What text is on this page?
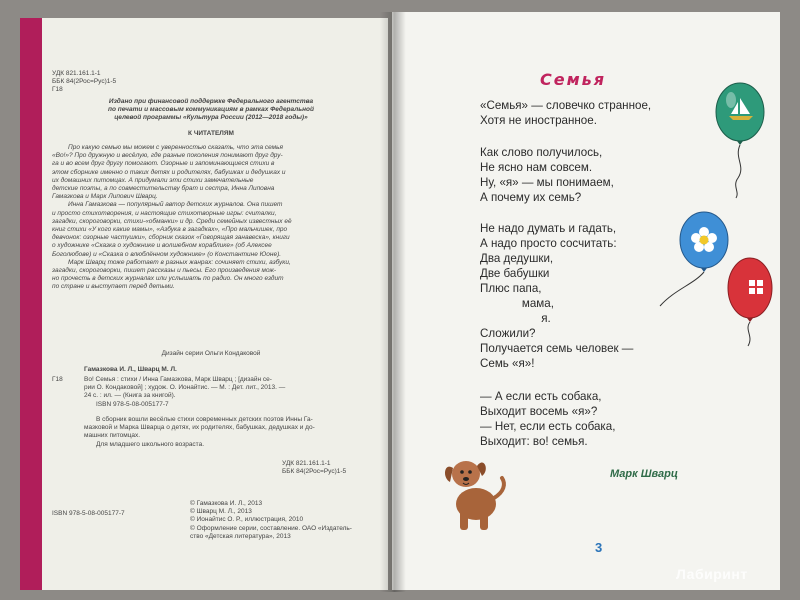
УДК 821.161.1-1
ББК 84(2Рос=Рус)1-5
Г18
Издано при финансовой поддержке Федерального агентства
по печати и массовым коммуникациям в рамках Федеральной
целевой программы «Культура России (2012—2018 годы)»
К ЧИТАТЕЛЯМ
Про какую семью мы можем с уверенностью сказать, что эта семья
«Во!»? Про дружную и весёлую, где разные поколения понимают друг дру-
га и во всем друг другу помогают. Озорные и запоминающиеся стихи в
этом сборнике именно о таких детях и родителях, бабушках и дедушках и
их домашних питомцах. А придумали эти стихи замечательные
детские поэты, а по совместительству брат и сестра, Инна Липовна
Гамазкова и Марк Липович Шварц.
Инна Гамазкова — популярный автор детских журналов. Она пишет
и просто стихотворения, и настоящие стихотворные игры: считалки,
загадки, скороговорки, стихи-«обманки» и др. Среди семейных известных её
книг стихи «У кого какие мамы», «Азбука в загадках», «Про мальчишек, про
девчонок: озорные частушки», сборник сказок «Говорящая занавеска», книги
о художнике «Сказка о художнике и волшебном кораблике» (об Алексее
Боголюбове) и «Сказка о влюблённом художнике» (о Константине Юоне).
Марк Шварц тоже работает в разных жанрах: сочиняет стихи, азбуки,
загадки, скороговорки, пишет рассказы и пьесы. Его произведения мож-
но прочесть в детских журналах или услышать по радио. Он много ездит
по стране и выступает перед детьми.
Дизайн серии Ольги Кондаковой
Гамазкова И. Л., Шварц М. Л.
Г18	Во! Семья : стихи / Инна Гамазкова, Марк Шварц ; [дизайн се-
рии О. Кондаковой] ; худож. О. Ионайтис. — М. : Дет. лит., 2013. —
24 с. : ил. — (Книга за книгой).
ISBN 978-5-08-005177-7
В сборник вошли весёлые стихи современных детских поэтов Инны Га-
мазковой и Марка Шварца о детях, их родителях, бабушках, дедушках и до-
машних питомцах.
Для младшего школьного возраста.
УДК 821.161.1-1
ББК 84(2Рос=Рус)1-5
© Гамазкова И. Л., 2013
© Шварц М. Л., 2013
© Ионайтис О. Р., иллюстрация, 2010
© Оформление серии, составление. ОАО «Издатель-
ство «Детская литература», 2013
ISBN 978-5-08-005177-7
Семья
«Семья» — словечко странное,
Хотя не иностранное.
Как слово получилось,
Не ясно нам совсем.
Ну, «я» — мы понимаем,
А почему их семь?
Не надо думать и гадать,
А надо просто сосчитать:
Два дедушки,
Две бабушки
Плюс папа,
мама,
я.
Сложили?
Получается семь человек —
Семь «я»!
— А если есть собака,
Выходит восемь «я»?
— Нет, если есть собака,
Выходит: во! семья.
Марк Шварц
3
Лабиринт
